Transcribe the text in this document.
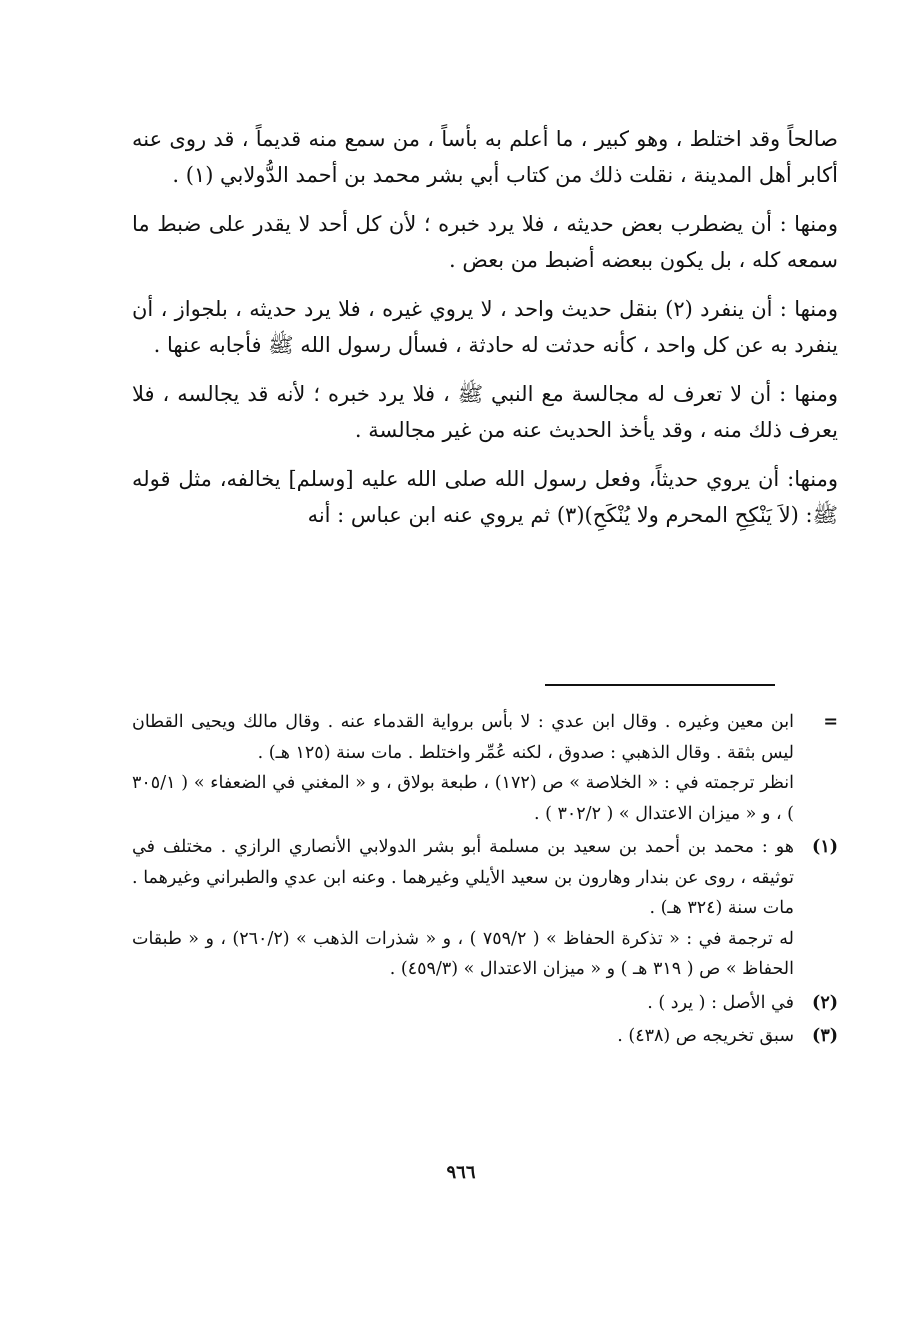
صالحاً وقد اختلط ، وهو كبير ، ما أعلم به بأساً ، من سمع منه قديماً ، قد روى عنه أكابر أهل المدينة ، نقلت ذلك من كتاب أبي بشر محمد بن أحمد الدُّولابي (١) .

ومنها : أن يضطرب بعض حديثه ، فلا يرد خبره ؛ لأن كل أحد لا يقدر على ضبط ما سمعه كله ، بل يكون ببعضه أضبط من بعض .

ومنها : أن ينفرد (٢) بنقل حديث واحد ، لا يروي غيره ، فلا يرد حديثه ، بلجواز ، أن ينفرد به عن كل واحد ، كأنه حدثت له حادثة ، فسأل رسول الله ﷺ فأجابه عنها .

ومنها : أن لا تعرف له مجالسة مع النبي ﷺ ، فلا يرد خبره ؛ لأنه قد يجالسه ، فلا يعرف ذلك منه ، وقد يأخذ الحديث عنه من غير مجالسة .

ومنها: أن يروي حديثاً، وفعل رسول الله صلى الله عليه [وسلم] يخالفه، مثل قوله ﷺ: (لاَ يَنْكِحِ المحرم ولا يُنْكَحِ)(٣) ثم يروي عنه ابن عباس : أنه

=

ابن معين وغيره . وقال ابن عدي : لا بأس برواية القدماء عنه . وقال مالك ويحيى القطان ليس بثقة . وقال الذهبي : صدوق ، لكنه عُمِّر واختلط . مات سنة (١٢٥ هـ) .

انظر ترجمته في : « الخلاصة » ص (١٧٢) ، طبعة بولاق ، و « المغني في الضعفاء » ( ٣٠٥/١ ) ، و « ميزان الاعتدال » ( ٣٠٢/٢ ) .

(١)

هو : محمد بن أحمد بن سعيد بن مسلمة أبو بشر الدولابي الأنصاري الرازي . مختلف في توثيقه ، روى عن بندار وهارون بن سعيد الأيلي وغيرهما . وعنه ابن عدي والطبراني وغيرهما . مات سنة (٣٢٤ هـ) .

له ترجمة في : « تذكرة الحفاظ » ( ٧٥٩/٢ ) ، و « شذرات الذهب » (٢٦٠/٢) ، و « طبقات الحفاظ » ص ( ٣١٩ هـ ) و « ميزان الاعتدال » (٤٥٩/٣) .

(٢)

في الأصل : ( يرد ) .

(٣)

سبق تخريجه ص (٤٣٨) .

٩٦٦
